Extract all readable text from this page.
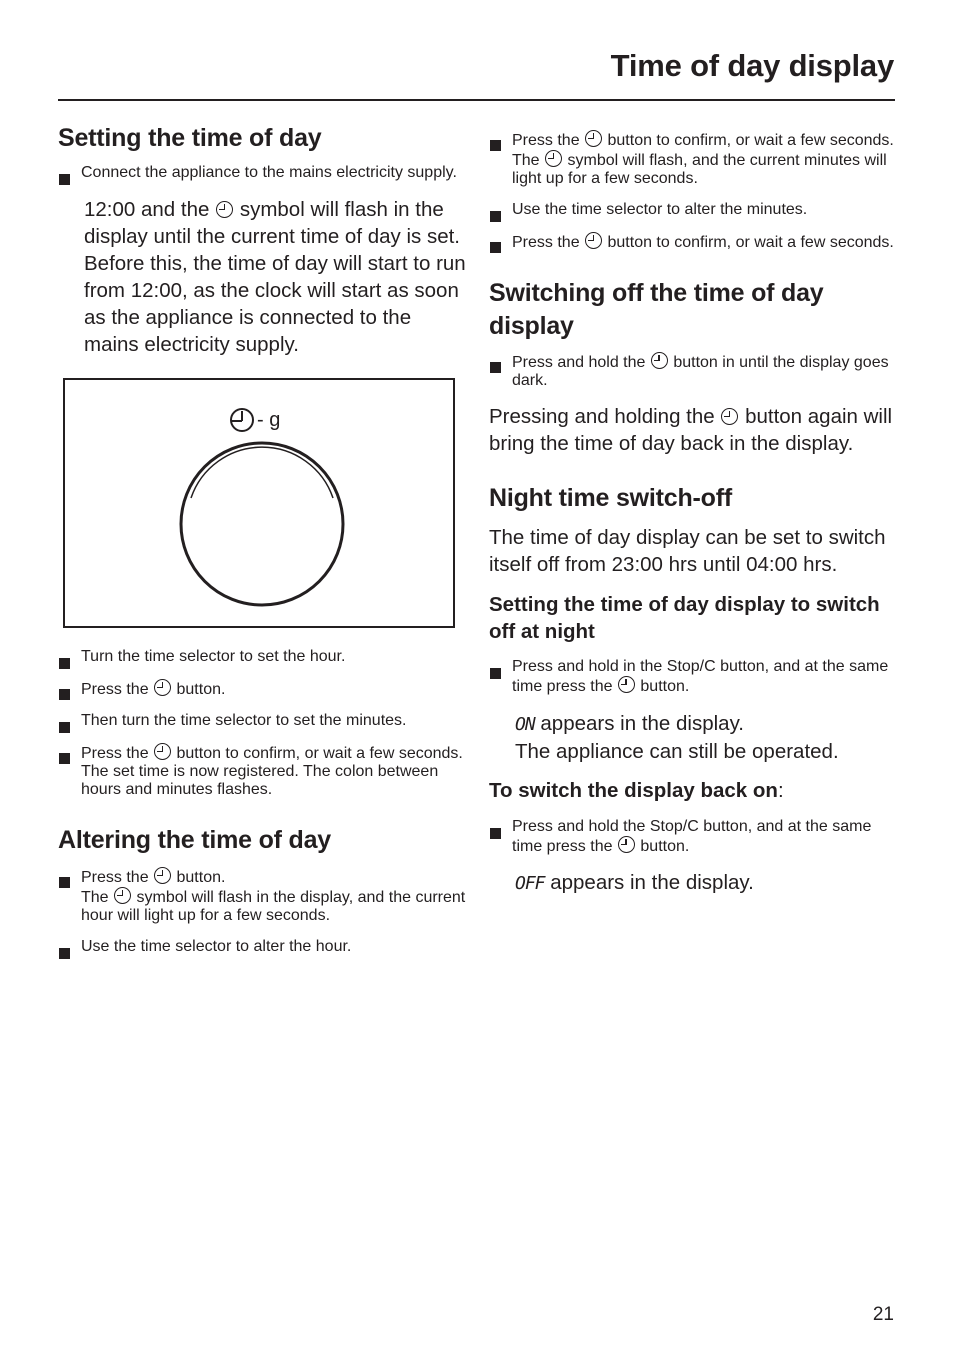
Time of day display
Setting the time of day
Connect the appliance to the mains electricity supply.

12:00 and the symbol will flash in the display until the current time of day is set. Before this, the time of day will start to run from 12:00, as the clock will start as soon as the appliance is connected to the mains electricity supply.

- g
Turn the time selector to set the hour.
Press the button.
Then turn the time selector to set the minutes.
Press the button to confirm, or wait a few seconds.
The set time is now registered. The colon between hours and minutes flashes.
Altering the time of day
Press the button.
The symbol will flash in the display, and the current hour will light up for a few seconds.
Use the time selector to alter the hour.
Press the button to confirm, or wait a few seconds.
The symbol will flash, and the current minutes will light up for a few seconds.
Use the time selector to alter the minutes.
Press the button to confirm, or wait a few seconds.
Switching off the time of day display
Press and hold the button in until the display goes dark.

Pressing and holding the button again will bring the time of day back in the display.

Night time switch-off

The time of day display can be set to switch itself off from 23:00 hrs until 04:00 hrs.

Setting the time of day display to switch off at night
Press and hold in the Stop/C button, and at the same time press the button.

ON appears in the display.
The appliance can still be operated.

To switch the display back on:

Press and hold the Stop/C button, and at the same time press the button.

OFF appears in the display.

21
